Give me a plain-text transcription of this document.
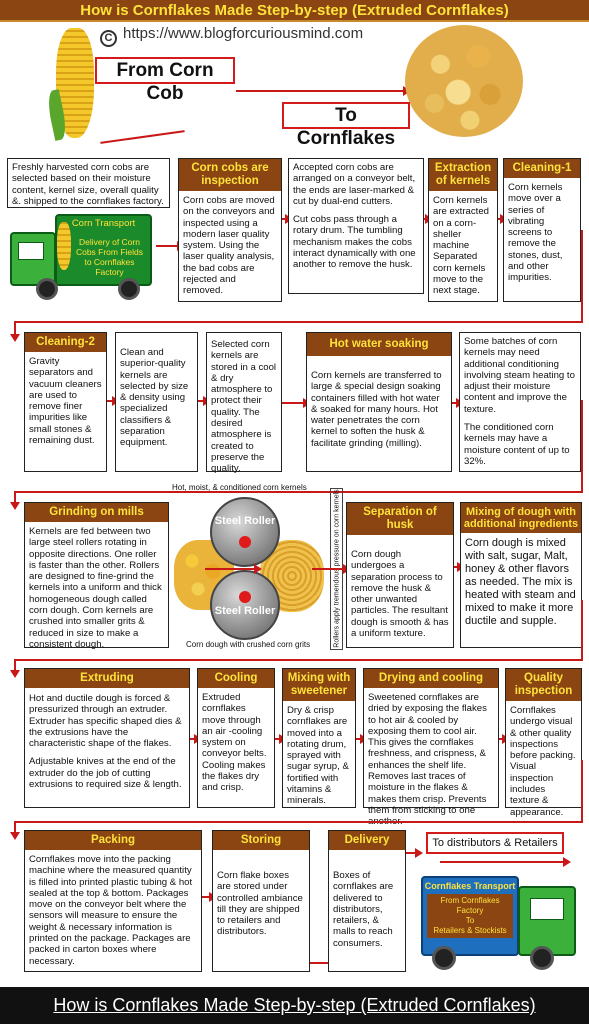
How is Cornflakes Made Step-by-step (Extruded Cornflakes)
C https://www.blogforcuriousmind.com
From Corn Cob
To Cornflakes
Freshly harvested corn cobs are selected based on their moisture content, kernel size, overall quality &. shipped to the cornflakes factory.
Corn Transport
Delivery of Corn Cobs From Fields to Cornflakes Factory
Corn cobs are inspection
Corn cobs are moved on the conveyors and inspected using a modern laser quality system. Using the laser quality analysis, the bad cobs are rejected and removed.

Accepted corn cobs are arranged on a conveyor belt, the ends are laser-marked & cut by dual-end cutters.

Cut cobs pass through a rotary drum. The tumbling mechanism makes the cobs interact dynamically with one another to remove the husk.

Extraction of kernels
Corn kernels are extracted on a corn-sheller machine Separated corn kernels move to the next stage.
Cleaning-1
Corn kernels move over a series of vibrating screens to remove the stones, dust, and other impurities.
Cleaning-2
Gravity separators and vacuum cleaners are used to remove finer impurities like small stones & remaining dust.
Clean and superior-quality kernels are selected by size & density using specialized classifiers & separation equipment.
Selected corn kernels are stored in a cool & dry atmosphere to protect their quality. The desired atmosphere is created to preserve the quality.
Hot water soaking
Corn kernels are transferred to large & special design soaking containers filled with hot water & soaked for many hours. Hot water penetrates the corn kernel to soften the husk & facilitate grinding (milling).

Some batches of corn kernels may need additional conditioning involving steam heating to adjust their moisture content and improve the texture.

The conditioned corn kernels may have a moisture content of up to 32%.

Grinding on mills
Kernels are fed between two large steel rollers rotating in opposite directions. One roller is faster than the other. Rollers are designed to fine-grind the kernels into a uniform and thick homogeneous dough called corn dough. Corn kernels are crushed into smaller grits & reduced in size to make a consistent dough.
Hot, moist, & conditioned corn kernels
Steel Roller
Steel Roller
Corn dough with crushed corn grits
Separation of husk
Corn dough undergoes a separation process to remove the husk & other unwanted particles. The resultant dough is smooth & has a uniform texture.
Mixing of dough with additional ingredients
Corn dough is mixed with salt, sugar, Malt, honey & other flavors as needed. The mix is heated with steam and mixed to make it more ductile and supple.
Extruding

Hot and ductile dough is forced & pressurized through an extruder. Extruder has specific shaped dies & the extrusions have the characteristic shape of the flakes.

Adjustable knives at the end of the extruder do the job of cutting extrusions to required size & length.

Cooling
Extruded cornflakes move through an air -cooling system on conveyor belts. Cooling makes the flakes dry and crisp.
Mixing with sweetener
Dry & crisp cornflakes are moved into a rotating drum, sprayed with sugar syrup, & fortified with vitamins & minerals.
Drying and cooling
Sweetened cornflakes are dried by exposing the flakes to hot air & cooled by exposing them to cool air. This gives the cornflakes freshness, and crispness, & enhances the shelf life. Removes last traces of moisture in the flakes & makes them crisp. Prevents them from sticking to one
Quality inspection
Cornflakes undergo visual & other quality inspections before packing. Visual inspection includes texture & appearance.
Packing
Cornflakes move into the packing machine where the measured quantity is filled into printed plastic tubing & hot sealed at the top & bottom. Packages move on the conveyor belt where the sensors will measure to ensure the weight & necessary information is printed on the package. Packages are packed in carton boxes where necessary.
Storing
Corn flake boxes are stored under controlled ambiance till they are shipped to retailers and distributors.
Delivery
Boxes of cornflakes are delivered to distributors, retailers, & malls to reach consumers.
To distributors & Retailers
Cornflakes Transport
From Cornflakes Factory
To
Retailers & Stockists
How is Cornflakes Made Step-by-step (Extruded Cornflakes)
